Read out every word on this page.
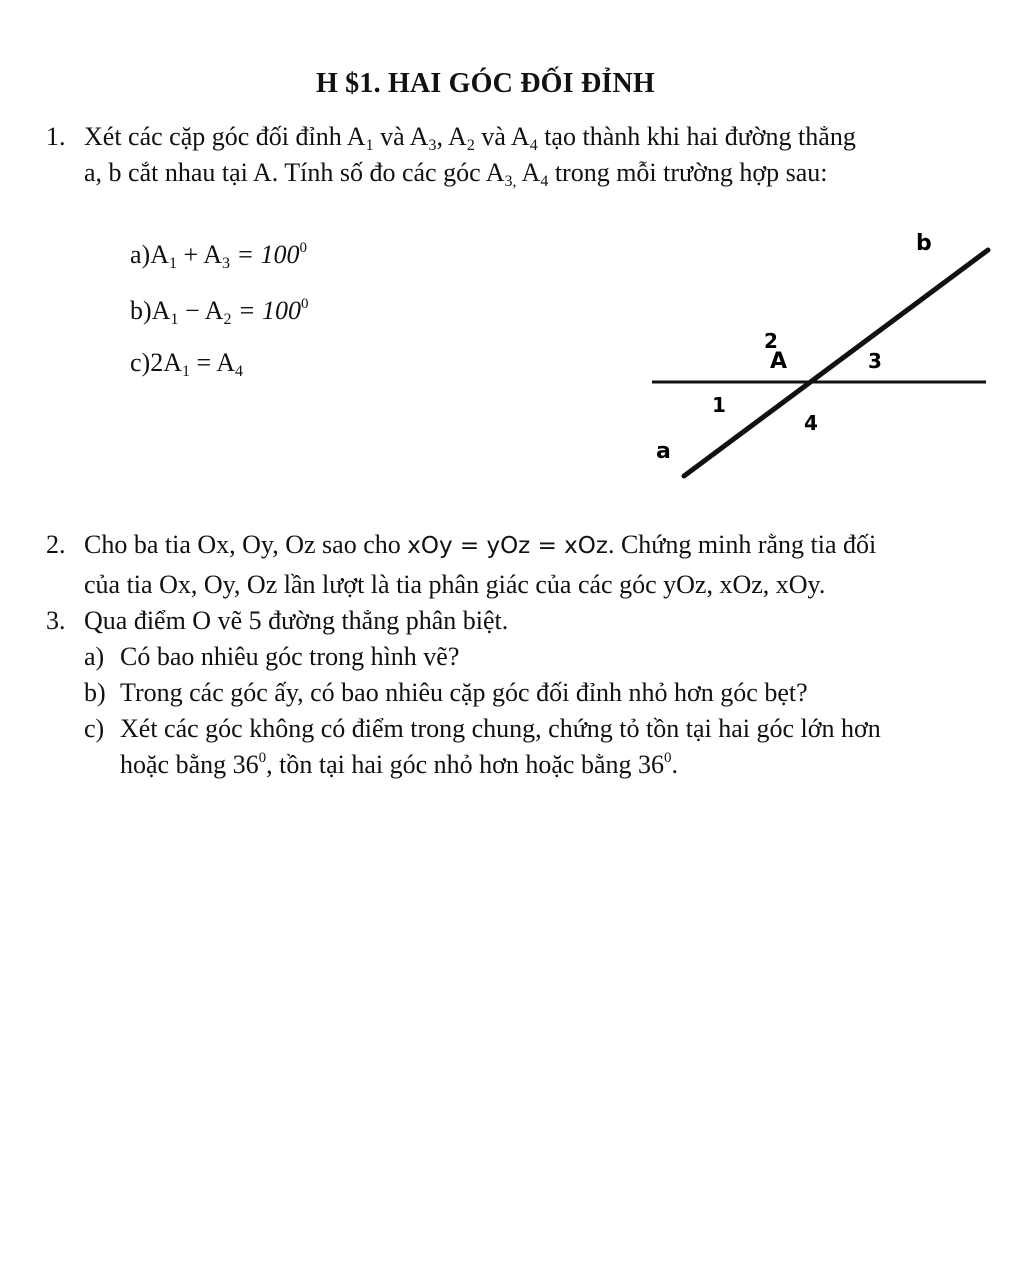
H $1. HAI GÓC ĐỐI ĐỈNH
1. Xét các cặp góc đối đỉnh $A_1$ và $A_3$, $A_2$ và $A_4$ tạo thành khi hai đường thẳng
a, b cắt nhau tại A. Tính số đo các góc $A_{3,}$ $A_4$ trong mỗi trường hợp sau:
$a)A_1 + A_3 = 100^0$
$b)A_1 - A_2 = 100^0$
$c)2A_1 = A_4$
b
a
A
2
3
1
4
2. Cho ba tia Ox, Oy, Oz sao cho xOy = yOz = xOz. Chứng minh rằng tia đối
của tia Ox, Oy, Oz lần lượt là tia phân giác của các góc yOz, xOz, xOy.
3. Qua điểm O vẽ 5 đường thẳng phân biệt.
a) Có bao nhiêu góc trong hình vẽ?
b) Trong các góc ấy, có bao nhiêu cặp góc đối đỉnh nhỏ hơn góc bẹt?
c) Xét các góc không có điểm trong chung, chứng tỏ tồn tại hai góc lớn hơn
hoặc bằng $36^0$, tồn tại hai góc nhỏ hơn hoặc bằng $36^0$.
